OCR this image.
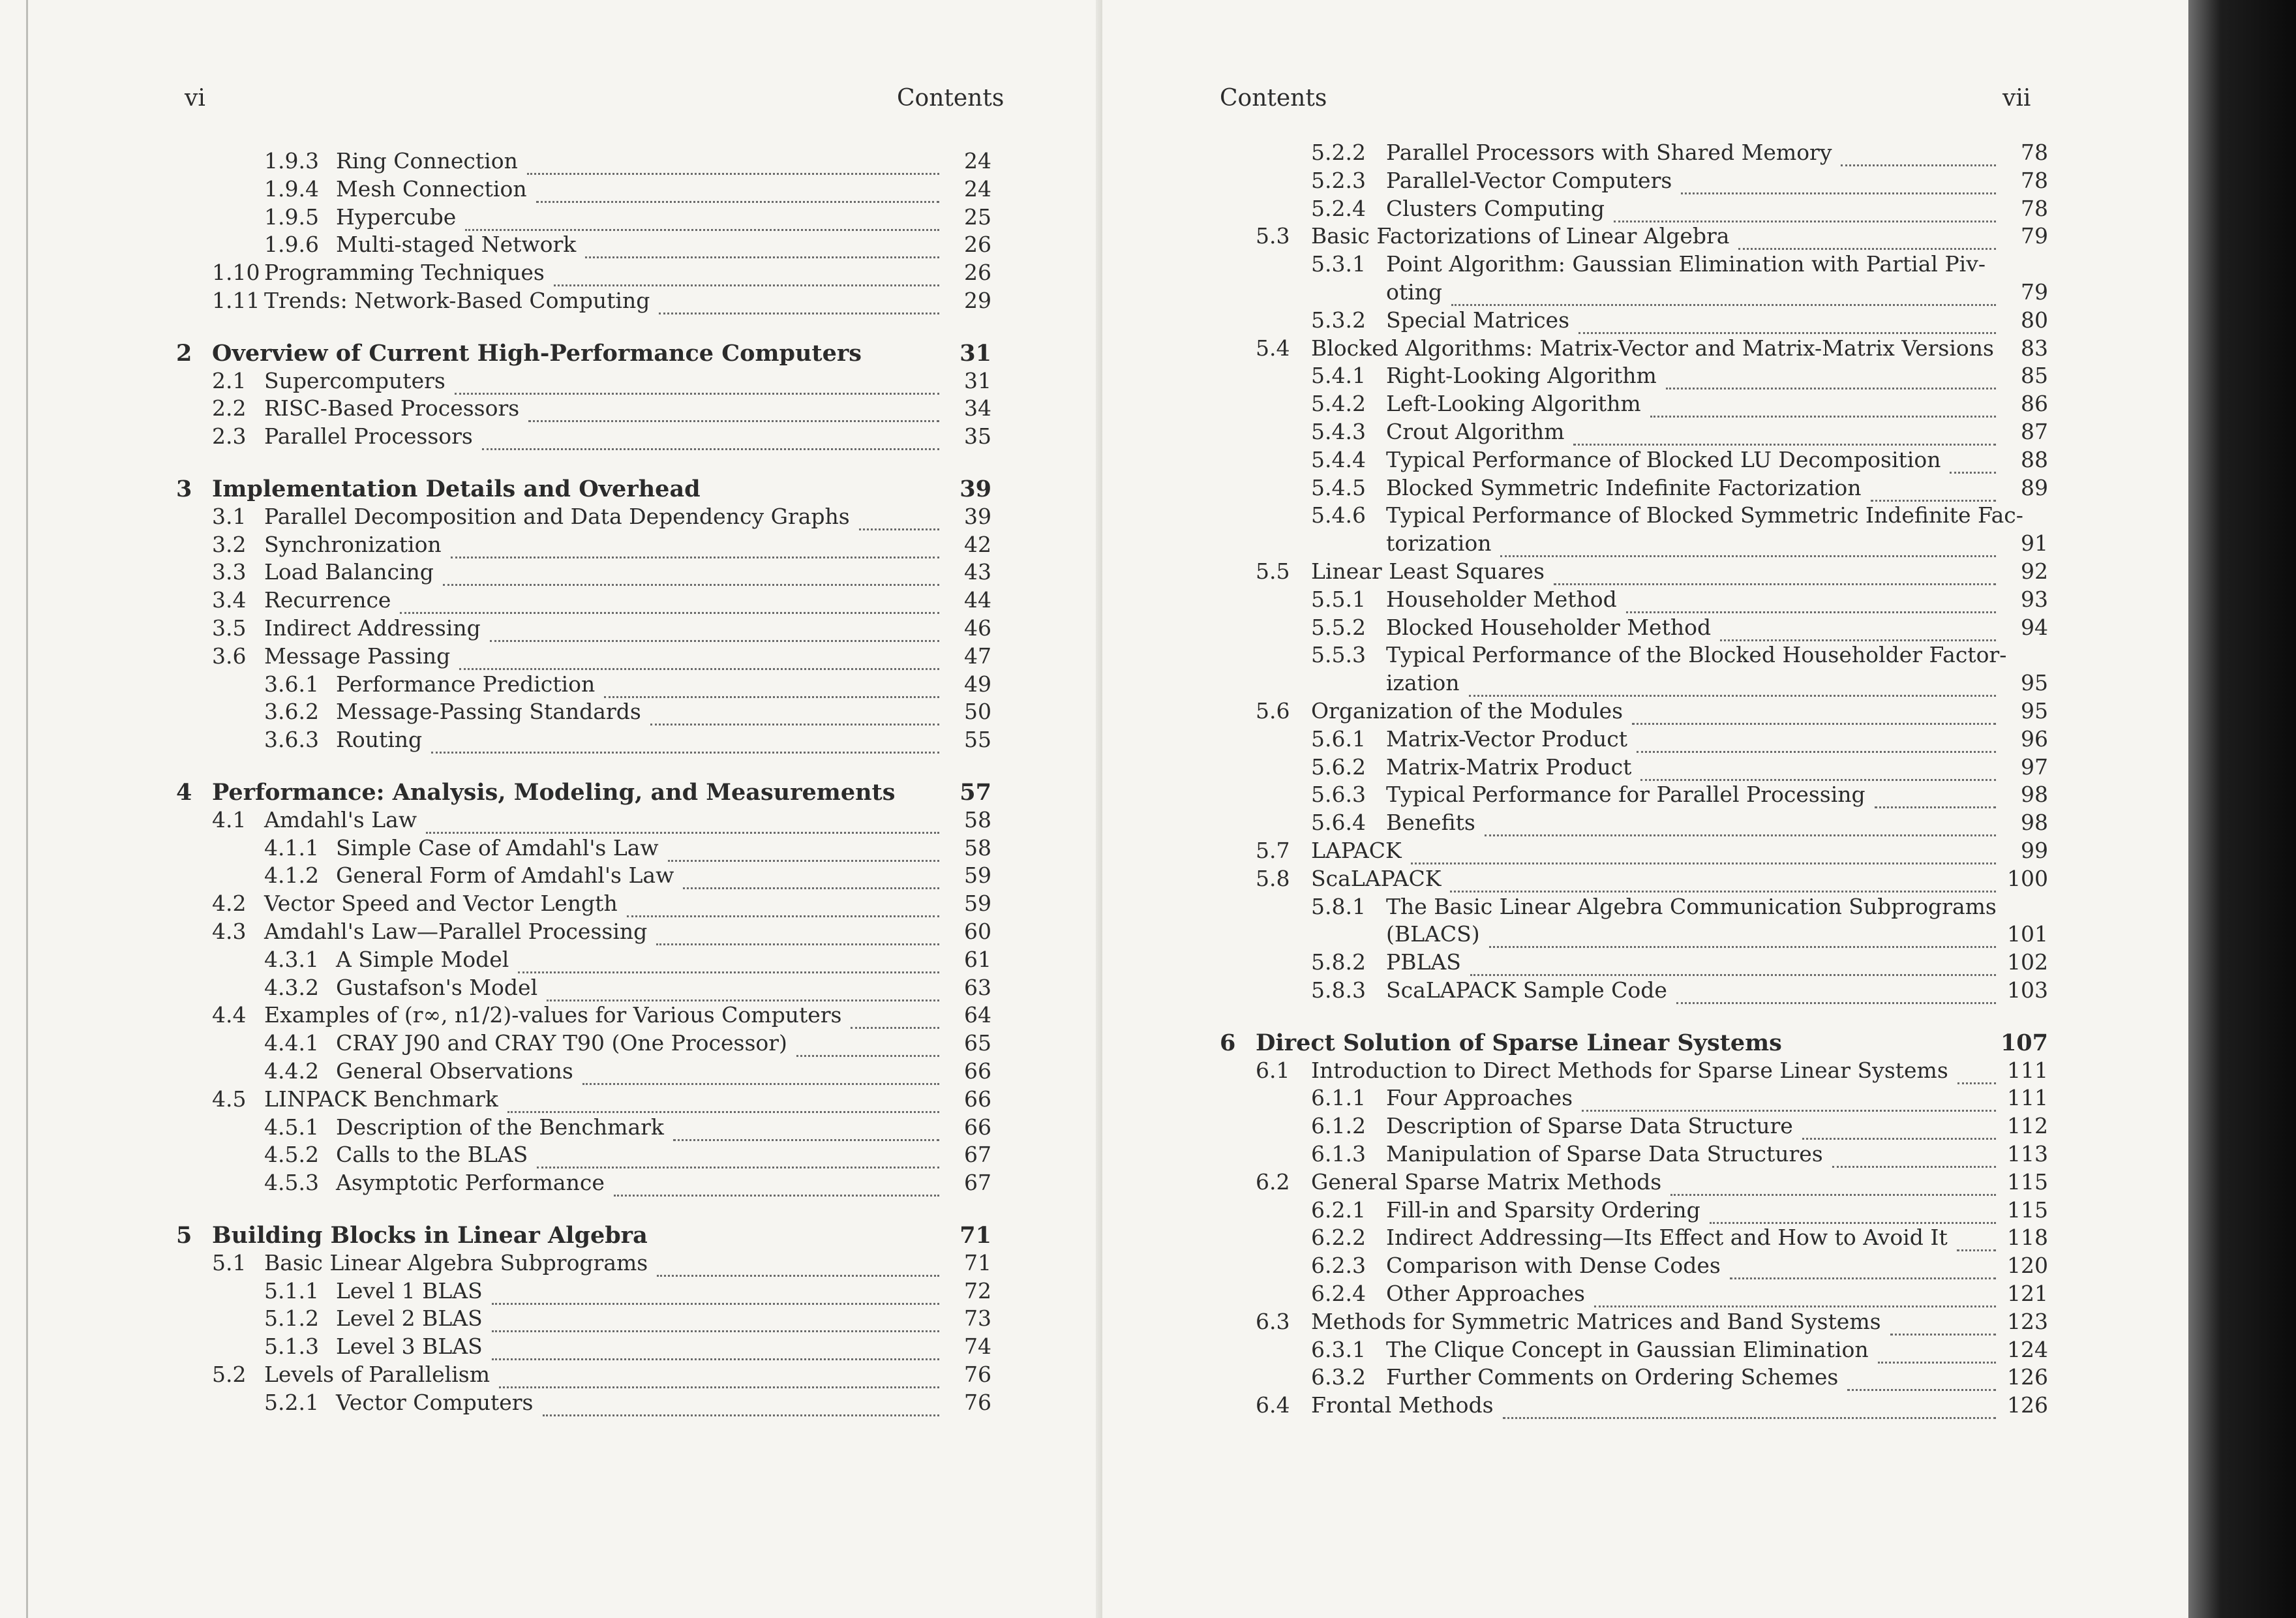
vi	Contents
1.9.3 Ring Connection	24
1.9.4 Mesh Connection	24
1.9.5 Hypercube	25
1.9.6 Multi-staged Network	26
1.10 Programming Techniques	26
1.11 Trends: Network-Based Computing	29
2 Overview of Current High-Performance Computers	31
2.1 Supercomputers	31
2.2 RISC-Based Processors	34
2.3 Parallel Processors	35
3 Implementation Details and Overhead	39
3.1 Parallel Decomposition and Data Dependency Graphs	39
3.2 Synchronization	42
3.3 Load Balancing	43
3.4 Recurrence	44
3.5 Indirect Addressing	46
3.6 Message Passing	47
3.6.1 Performance Prediction	49
3.6.2 Message-Passing Standards	50
3.6.3 Routing	55
4 Performance: Analysis, Modeling, and Measurements	57
4.1 Amdahl's Law	58
4.1.1 Simple Case of Amdahl's Law	58
4.1.2 General Form of Amdahl's Law	59
4.2 Vector Speed and Vector Length	59
4.3 Amdahl's Law—Parallel Processing	60
4.3.1 A Simple Model	61
4.3.2 Gustafson's Model	63
4.4 Examples of (r∞, n1/2)-values for Various Computers	64
4.4.1 CRAY J90 and CRAY T90 (One Processor)	65
4.4.2 General Observations	66
4.5 LINPACK Benchmark	66
4.5.1 Description of the Benchmark	66
4.5.2 Calls to the BLAS	67
4.5.3 Asymptotic Performance	67
5 Building Blocks in Linear Algebra	71
5.1 Basic Linear Algebra Subprograms	71
5.1.1 Level 1 BLAS	72
5.1.2 Level 2 BLAS	73
5.1.3 Level 3 BLAS	74
5.2 Levels of Parallelism	76
5.2.1 Vector Computers	76
Contents	vii
5.2.2 Parallel Processors with Shared Memory	78
5.2.3 Parallel-Vector Computers	78
5.2.4 Clusters Computing	78
5.3 Basic Factorizations of Linear Algebra	79
5.3.1 Point Algorithm: Gaussian Elimination with Partial Piv-
oting	79
5.3.2 Special Matrices	80
5.4 Blocked Algorithms: Matrix-Vector and Matrix-Matrix Versions 83
5.4.1 Right-Looking Algorithm	85
5.4.2 Left-Looking Algorithm	86
5.4.3 Crout Algorithm	87
5.4.4 Typical Performance of Blocked LU Decomposition	88
5.4.5 Blocked Symmetric Indefinite Factorization	89
5.4.6 Typical Performance of Blocked Symmetric Indefinite Fac-
torization	91
5.5 Linear Least Squares	92
5.5.1 Householder Method	93
5.5.2 Blocked Householder Method	94
5.5.3 Typical Performance of the Blocked Householder Factor-
ization	95
5.6 Organization of the Modules	95
5.6.1 Matrix-Vector Product	96
5.6.2 Matrix-Matrix Product	97
5.6.3 Typical Performance for Parallel Processing	98
5.6.4 Benefits	98
5.7 LAPACK	99
5.8 ScaLAPACK	100
5.8.1 The Basic Linear Algebra Communication Subprograms
(BLACS)	101
5.8.2 PBLAS	102
5.8.3 ScaLAPACK Sample Code	103
6 Direct Solution of Sparse Linear Systems	107
6.1 Introduction to Direct Methods for Sparse Linear Systems	111
6.1.1 Four Approaches	111
6.1.2 Description of Sparse Data Structure	112
6.1.3 Manipulation of Sparse Data Structures	113
6.2 General Sparse Matrix Methods	115
6.2.1 Fill-in and Sparsity Ordering	115
6.2.2 Indirect Addressing—Its Effect and How to Avoid It	118
6.2.3 Comparison with Dense Codes	120
6.2.4 Other Approaches	121
6.3 Methods for Symmetric Matrices and Band Systems	123
6.3.1 The Clique Concept in Gaussian Elimination	124
6.3.2 Further Comments on Ordering Schemes	126
6.4 Frontal Methods	126
